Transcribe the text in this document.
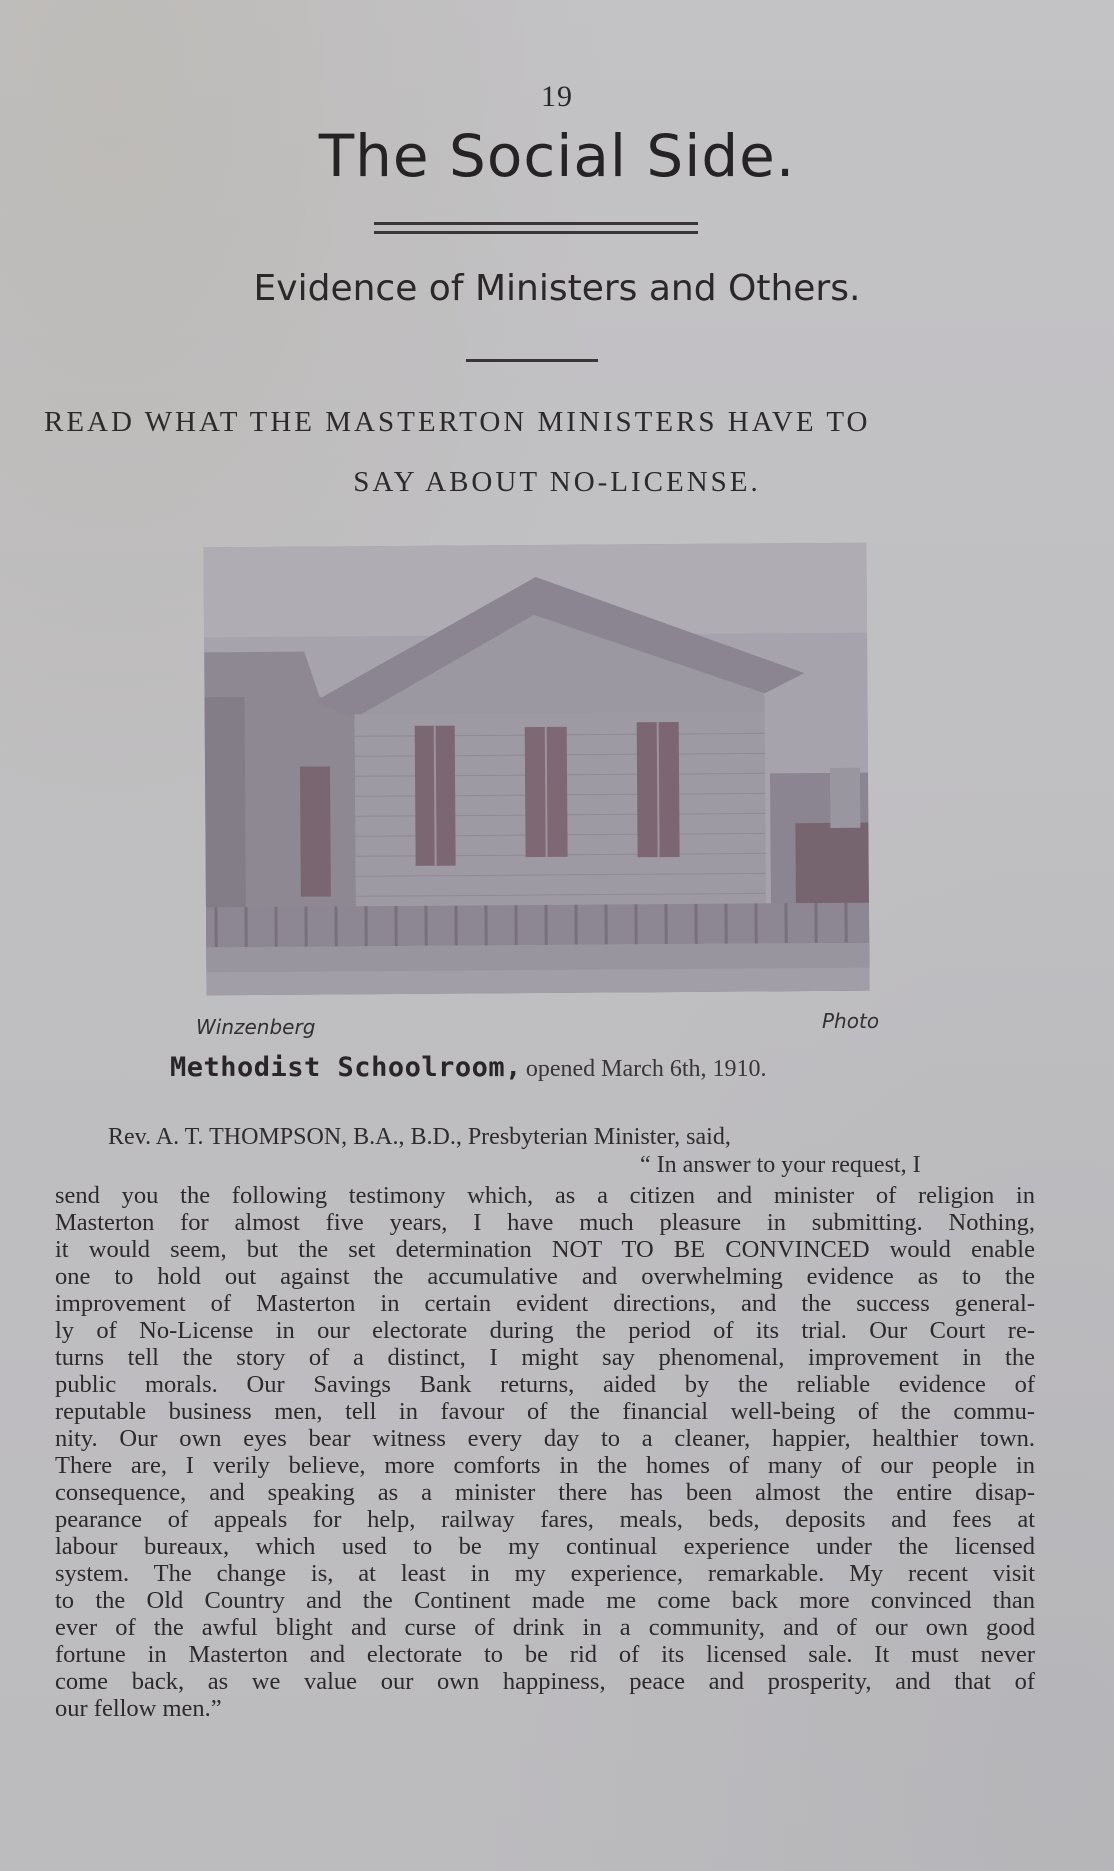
19
The Social Side.
Evidence of Ministers and Others.
READ WHAT THE MASTERTON MINISTERS HAVE TO
SAY ABOUT NO-LICENSE.
Winzenberg	Photo
Methodist Schoolroom, opened March 6th, 1910.
Rev. A. T. THOMPSON, B.A., B.D., Presbyterian Minister, said,
“ In answer to your request, I
send you the following testimony which, as a citizen and minister of religion in
Masterton for almost five years, I have much pleasure in submitting. Nothing,
it would seem, but the set determination NOT TO BE CONVINCED would enable
one to hold out against the accumulative and overwhelming evidence as to the
improvement of Masterton in certain evident directions, and the success general-
ly of No-License in our electorate during the period of its trial. Our Court re-
turns tell the story of a distinct, I might say phenomenal, improvement in the
public morals. Our Savings Bank returns, aided by the reliable evidence of
reputable business men, tell in favour of the financial well-being of the commu-
nity. Our own eyes bear witness every day to a cleaner, happier, healthier town.
There are, I verily believe, more comforts in the homes of many of our people in
consequence, and speaking as a minister there has been almost the entire disap-
pearance of appeals for help, railway fares, meals, beds, deposits and fees at
labour bureaux, which used to be my continual experience under the licensed
system. The change is, at least in my experience, remarkable. My recent visit
to the Old Country and the Continent made me come back more convinced than
ever of the awful blight and curse of drink in a community, and of our own good
fortune in Masterton and electorate to be rid of its licensed sale. It must never
come back, as we value our own happiness, peace and prosperity, and that of
our fellow men.”
